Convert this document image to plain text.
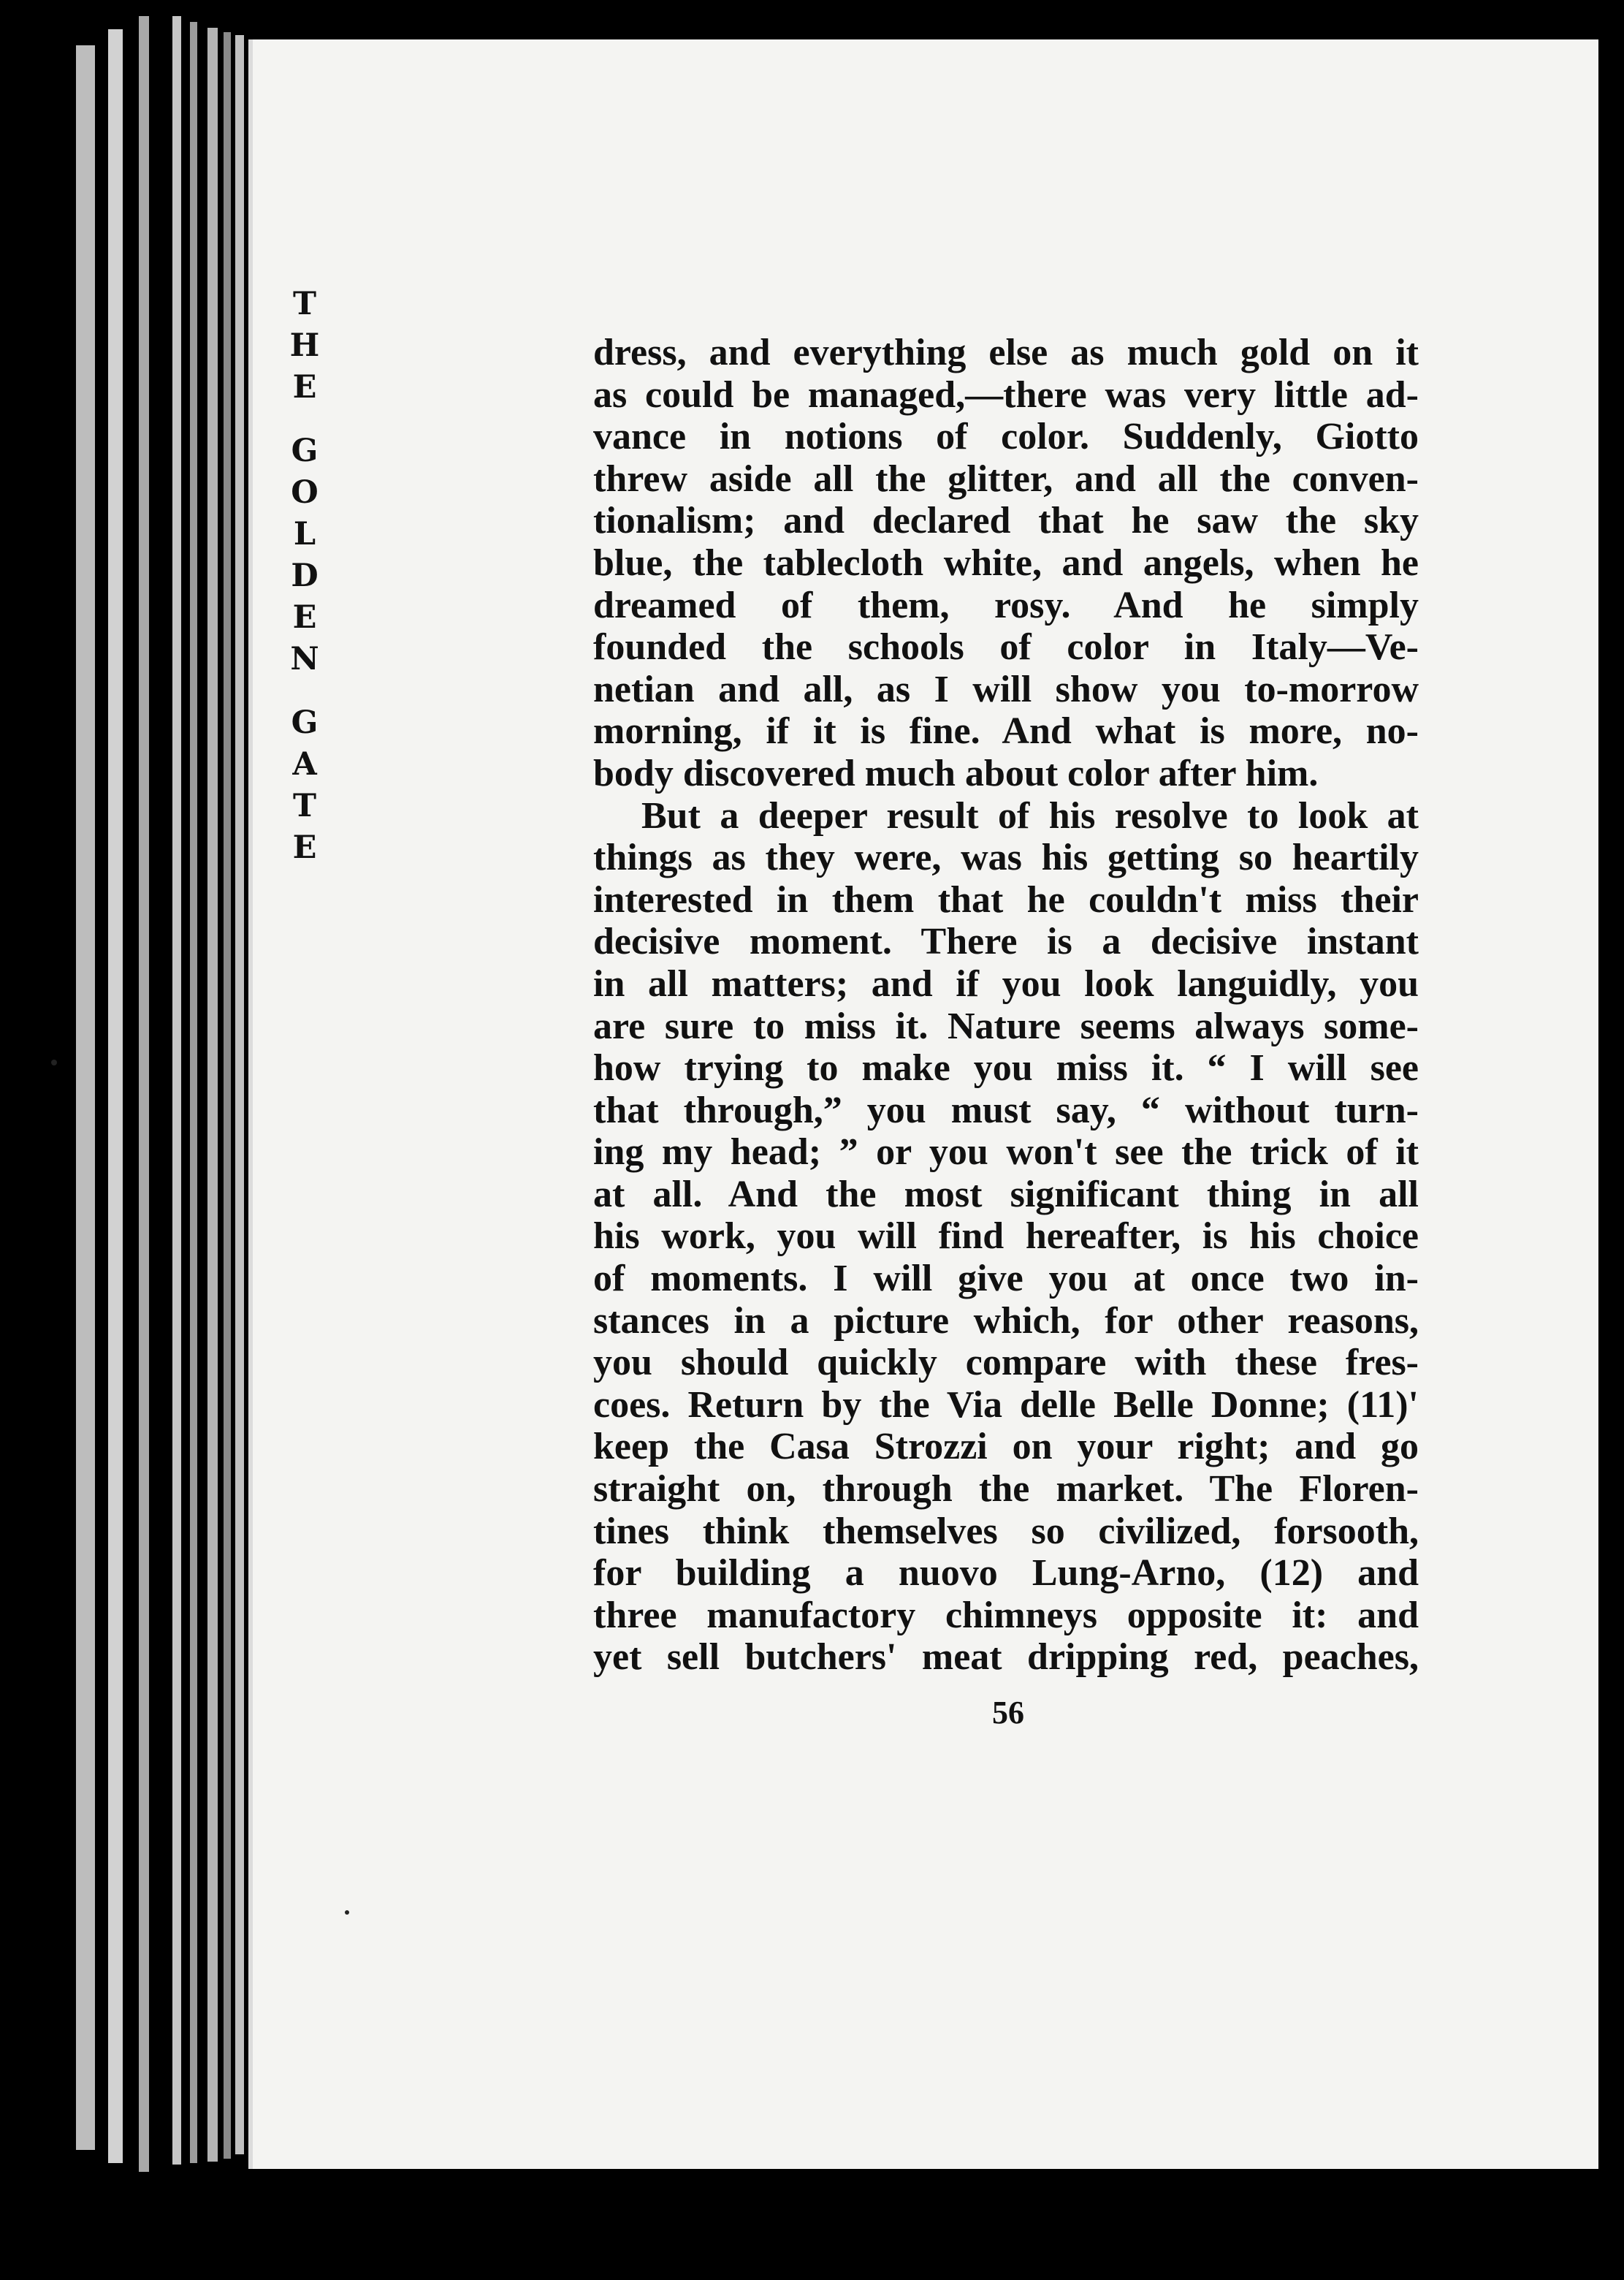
T
H
E
G
O
L
D
E
N
G
A
T
E
dress, and everything else as much gold on it
as could be managed,—there was very little ad-
vance in notions of color. Suddenly, Giotto
threw aside all the glitter, and all the conven-
tionalism; and declared that he saw the sky
blue, the tablecloth white, and angels, when he
dreamed of them, rosy. And he simply
founded the schools of color in Italy—Ve-
netian and all, as I will show you to-morrow
morning, if it is fine. And what is more, no-
body discovered much about color after him.
But a deeper result of his resolve to look at
things as they were, was his getting so heartily
interested in them that he couldn't miss their
decisive moment. There is a decisive instant
in all matters; and if you look languidly, you
are sure to miss it. Nature seems always some-
how trying to make you miss it. “ I will see
that through,” you must say, “ without turn-
ing my head; ” or you won't see the trick of it
at all. And the most significant thing in all
his work, you will find hereafter, is his choice
of moments. I will give you at once two in-
stances in a picture which, for other reasons,
you should quickly compare with these fres-
coes. Return by the Via delle Belle Donne; (11)'
keep the Casa Strozzi on your right; and go
straight on, through the market. The Floren-
tines think themselves so civilized, forsooth,
for building a nuovo Lung-Arno, (12) and
three manufactory chimneys opposite it: and
yet sell butchers' meat dripping red, peaches,
56
